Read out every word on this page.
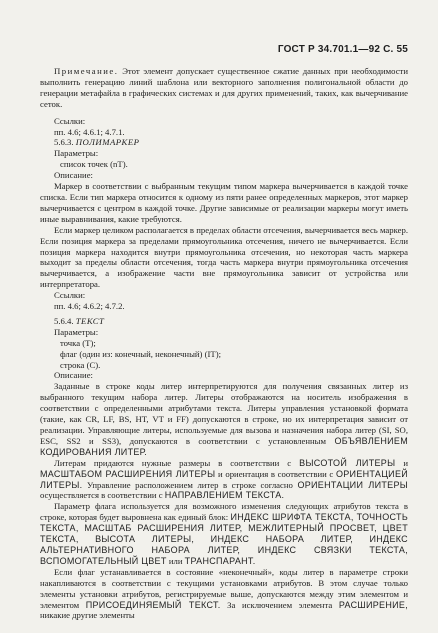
ГОСТ Р 34.701.1—92 С. 55

Примечание. Этот элемент допускает существенное сжатие данных при необходимости выполнить генерацию линий шаблона или векторного заполнения полигональной области до генерации метафайла в графических системах и для других применений, таких, как вычерчивание сеток.

Ссылки:

пп. 4.6; 4.6.1; 4.7.1.

5.6.3. ПОЛИМАРКЕР

Параметры:

список точек (nT).

Описание:

Маркер в соответствии с выбранным текущим типом маркера вычерчивается в каждой точке списка. Если тип маркера относится к одному из пяти ранее определенных маркеров, этот маркер вычерчивается с центром в каждой точке. Другие зависимые от реализации маркеры могут иметь иные выравнивания, какие требуются.

Если маркер целиком располагается в пределах области отсечения, вычерчивается весь маркер. Если позиция маркера за пределами прямоугольника отсечения, ничего не вычерчивается. Если позиция маркера находится внутри прямоугольника отсечения, но некоторая часть маркера выходит за пределы области отсечения, тогда часть маркера внутри прямоугольника отсечения вычерчивается, а изображение части вне прямоугольника зависит от устройства или интерпретатора.

Ссылки:

пп. 4.6; 4.6.2; 4.7.2.

5.6.4. ТЕКСТ

Параметры:

точка (T);

флаг (один из: конечный, неконечный) (IT);

строка (С).

Описание:

Заданные в строке коды литер интерпретируются для получения связанных литер из выбранного текущим набора литер. Литеры отображаются на носитель изображения в соответствии с определенными атрибутами текста. Литеры управления установкой формата (такие, как CR, LF, BS, HT, VT и FF) допускаются в строке, но их интерпретация зависит от реализации. Управляющие литеры, используемые для вызова и назначения набора литер (SI, SO, ESC, SS2 и SS3), допускаются в соответствии с установленным ОБЪЯВЛЕНИЕМ КОДИРОВАНИЯ ЛИТЕР.

Литерам придаются нужные размеры в соответствии с ВЫСОТОЙ ЛИТЕРЫ и МАСШТАБОМ РАСШИРЕНИЯ ЛИТЕРЫ и ориентация в соответствии с ОРИЕНТАЦИЕЙ ЛИТЕРЫ. Управление расположением литер в строке согласно ОРИЕНТАЦИИ ЛИТЕРЫ осуществляется в соответствии с НАПРАВЛЕНИЕМ ТЕКСТА.

Параметр флага используется для возможного изменения следующих атрибутов текста в строке, которая будет выровнена как единый блок: ИНДЕКС ШРИФТА ТЕКСТА, ТОЧНОСТЬ ТЕКСТА, МАСШТАБ РАСШИРЕНИЯ ЛИТЕР, МЕЖЛИТЕРНЫЙ ПРОСВЕТ, ЦВЕТ ТЕКСТА, ВЫСОТА ЛИТЕРЫ, ИНДЕКС НАБОРА ЛИТЕР, ИНДЕКС АЛЬТЕРНАТИВНОГО НАБОРА ЛИТЕР, ИНДЕКС СВЯЗКИ ТЕКСТА, ВСПОМОГАТЕЛЬНЫЙ ЦВЕТ или ТРАНСПАРАНТ.

Если флаг устанавливается в состояние «неконечный», коды литер в параметре строки накапливаются в соответствии с текущими установками атрибутов. В этом случае только элементы установки атрибутов, регистрируемые выше, допускаются между этим элементом и элементом ПРИСОЕДИНЯЕМЫЙ ТЕКСТ. За исключением элемента РАСШИРЕНИЕ, никакие другие элементы
